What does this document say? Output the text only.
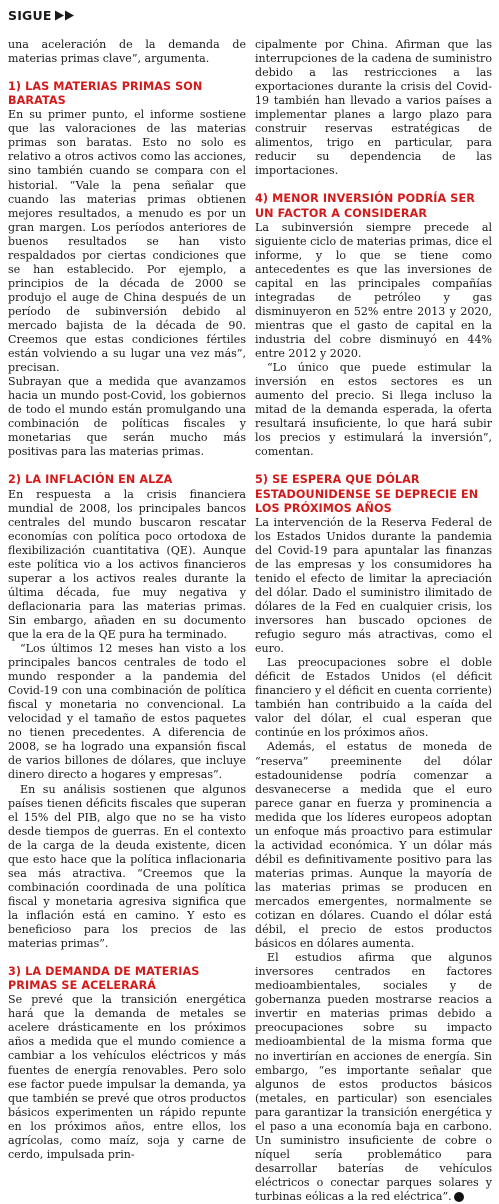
SIGUE

una aceleración de la demanda de materias primas clave”, argumenta.

1) LAS MATERIAS PRIMAS SON BARATAS

En su primer punto, el informe sostiene que las valoraciones de las materias primas son baratas. Esto no solo es relativo a otros activos como las acciones, sino también cuando se compara con el historial. “Vale la pena señalar que cuando las materias primas obtienen mejores resultados, a menudo es por un gran margen. Los períodos anteriores de buenos resultados se han visto respaldados por ciertas condiciones que se han establecido. Por ejemplo, a principios de la década de 2000 se produjo el auge de China después de un período de subinversión debido al mercado bajista de la década de 90. Creemos que estas condiciones fértiles están volviendo a su lugar una vez más”, precisan.

Subrayan que a medida que avanzamos hacia un mundo post-Covid, los gobiernos de todo el mundo están promulgando una combinación de políticas fiscales y monetarias que serán mucho más positivas para las materias primas.

2) LA INFLACIÓN EN ALZA

En respuesta a la crisis financiera mundial de 2008, los principales bancos centrales del mundo buscaron rescatar economías con política poco ortodoxa de flexibilización cuantitativa (QE). Aunque este política vio a los activos financieros superar a los activos reales durante la última década, fue muy negativa y deflacionaria para las materias primas. Sin embargo, añaden en su documento que la era de la QE pura ha terminado.

“Los últimos 12 meses han visto a los principales bancos centrales de todo el mundo responder a la pandemia del Covid-19 con una combinación de política fiscal y monetaria no convencional. La velocidad y el tamaño de estos paquetes no tienen precedentes. A diferencia de 2008, se ha logrado una expansión fiscal de varios billones de dólares, que incluye dinero directo a hogares y empresas”.

En su análisis sostienen que algunos países tienen déficits fiscales que superan el 15% del PIB, algo que no se ha visto desde tiempos de guerras. En el contexto de la carga de la deuda existente, dicen que esto hace que la política inflacionaria sea más atractiva. “Creemos que la combinación coordinada de una política fiscal y monetaria agresiva significa que la inflación está en camino. Y esto es beneficioso para los precios de las materias primas”.

3) LA DEMANDA DE MATERIAS PRIMAS SE ACELERARÁ

Se prevé que la transición energética hará que la demanda de metales se acelere drásticamente en los próximos años a medida que el mundo comience a cambiar a los vehículos eléctricos y más fuentes de energía renovables. Pero solo ese factor puede impulsar la demanda, ya que también se prevé que otros productos básicos experimenten un rápido repunte en los próximos años, entre ellos, los agrícolas, como maíz, soja y carne de cerdo, impulsada prin-

cipalmente por China. Afirman que las interrupciones de la cadena de suministro debido a las restricciones a las exportaciones durante la crisis del Covid-19 también han llevado a varios países a implementar planes a largo plazo para construir reservas estratégicas de alimentos, trigo en particular, para reducir su dependencia de las importaciones.

4) MENOR INVERSIÓN PODRÍA SER UN FACTOR A CONSIDERAR

La subinversión siempre precede al siguiente ciclo de materias primas, dice el informe, y lo que se tiene como antecedentes es que las inversiones de capital en las principales compañías integradas de petróleo y gas disminuyeron en 52% entre 2013 y 2020, mientras que el gasto de capital en la industria del cobre disminuyó en 44% entre 2012 y 2020.

“Lo único que puede estimular la inversión en estos sectores es un aumento del precio. Si llega incluso la mitad de la demanda esperada, la oferta resultará insuficiente, lo que hará subir los precios y estimulará la inversión”, comentan.

5) SE ESPERA QUE DÓLAR ESTADOUNIDENSE SE DEPRECIE EN LOS PRÓXIMOS AÑOS

La intervención de la Reserva Federal de los Estados Unidos durante la pandemia del Covid-19 para apuntalar las finanzas de las empresas y los consumidores ha tenido el efecto de limitar la apreciación del dólar. Dado el suministro ilimitado de dólares de la Fed en cualquier crisis, los inversores han buscado opciones de refugio seguro más atractivas, como el euro.

Las preocupaciones sobre el doble déficit de Estados Unidos (el déficit financiero y el déficit en cuenta corriente) también han contribuido a la caída del valor del dólar, el cual esperan que continúe en los próximos años.

Además, el estatus de moneda de “reserva” preeminente del dólar estadounidense podría comenzar a desvanecerse a medida que el euro parece ganar en fuerza y prominencia a medida que los líderes europeos adoptan un enfoque más proactivo para estimular la actividad económica. Y un dólar más débil es definitivamente positivo para las materias primas. Aunque la mayoría de las materias primas se producen en mercados emergentes, normalmente se cotizan en dólares. Cuando el dólar está débil, el precio de estos productos básicos en dólares aumenta.

El estudios afirma que algunos inversores centrados en factores medioambientales, sociales y de gobernanza pueden mostrarse reacios a invertir en materias primas debido a preocupaciones sobre su impacto medioambiental de la misma forma que no invertirían en acciones de energía. Sin embargo, “es importante señalar que algunos de estos productos básicos (metales, en particular) son esenciales para garantizar la transición energética y el paso a una economía baja en carbono. Un suministro insuficiente de cobre o níquel sería problemático para desarrollar baterías de vehículos eléctricos o conectar parques solares y turbinas eólicas a la red eléctrica”. P
